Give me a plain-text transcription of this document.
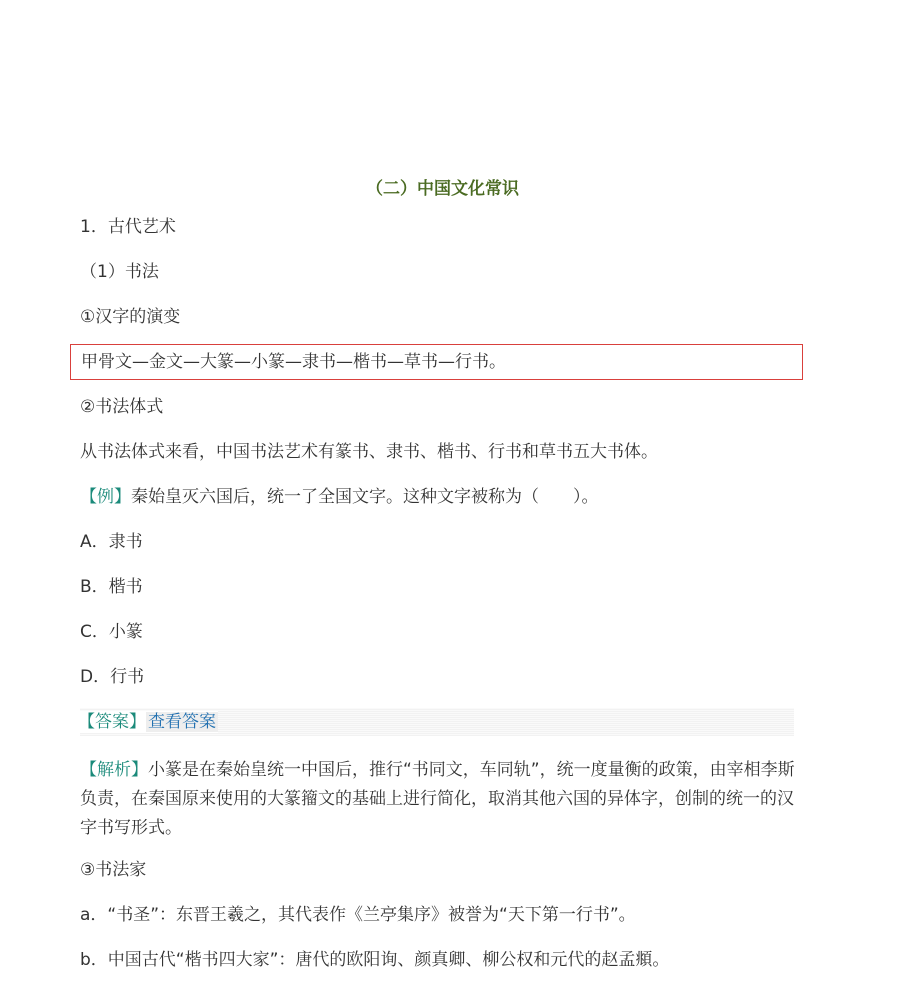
（二）中国文化常识
1．古代艺术
（1）书法
①汉字的演变
甲骨文—金文—大篆—小篆—隶书—楷书—草书—行书。
②书法体式
从书法体式来看，中国书法艺术有篆书、隶书、楷书、行书和草书五大书体。
【例】秦始皇灭六国后，统一了全国文字。这种文字被称为（　　）。
A．隶书
B．楷书
C．小篆
D．行书
【答案】 查看答案
【解析】小篆是在秦始皇统一中国后，推行“书同文，车同轨”，统一度量衡的政策，由宰相李斯负责，在秦国原来使用的大篆籀文的基础上进行简化，取消其他六国的异体字，创制的统一的汉字书写形式。
③书法家
a．“书圣”：东晋王羲之，其代表作《兰亭集序》被誉为“天下第一行书”。
b．中国古代“楷书四大家”：唐代的欧阳询、颜真卿、柳公权和元代的赵孟頫。
